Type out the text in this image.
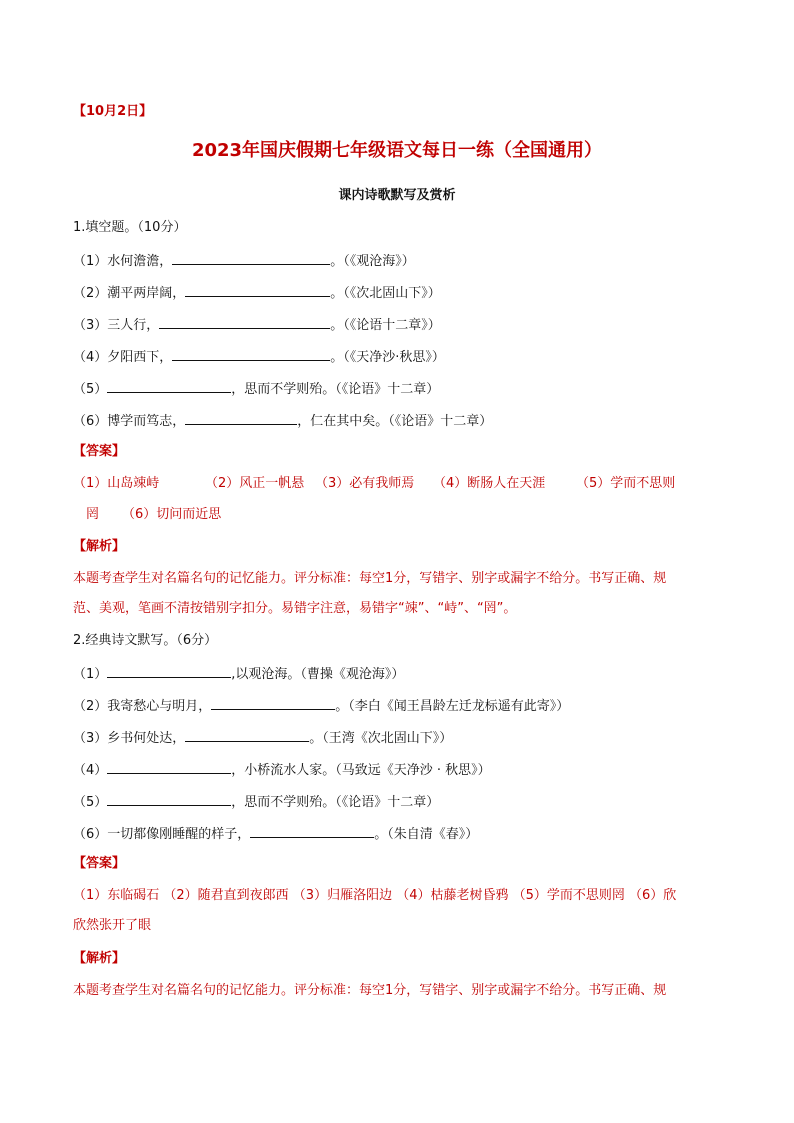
【10月2日】
2023年国庆假期七年级语文每日一练（全国通用）
课内诗歌默写及赏析
1.填空题。（10分）
（1）水何澹澹，	。（《观沧海》）
（2）潮平两岸阔，	。（《次北固山下》）
（3）三人行，	。（《论语十二章》）
（4）夕阳西下，	。（《天净沙·秋思》）
（5）	，思而不学则殆。（《论语》十二章）
（6）博学而笃志，	，仁在其中矣。（《论语》十二章）
【答案】
（1）山岛竦峙	（2）风正一帆悬 （3）必有我师焉 （4）断肠人在天涯 （5）学而不思则
罔 （6）切问而近思
【解析】
本题考查学生对名篇名句的记忆能力。评分标准：每空1分，写错字、别字或漏字不给分。书写正确、规
范、美观，笔画不清按错别字扣分。易错字注意，易错字“竦”、“峙”、“罔”。
2.经典诗文默写。（6分）
（1）	,以观沧海。（曹操《观沧海》）
（2）我寄愁心与明月，	。（李白《闻王昌龄左迁龙标遥有此寄》）
（3）乡书何处达，	。（王湾《次北固山下》）
（4）	，小桥流水人家。（马致远《天净沙 · 秋思》）
（5）	，思而不学则殆。（《论语》十二章）
（6）一切都像刚睡醒的样子，	。（朱自清《春》）
【答案】
（1）东临碣石 （2）随君直到夜郎西 （3）归雁洛阳边 （4）枯藤老树昏鸦 （5）学而不思则罔 （6）欣
欣然张开了眼
【解析】
本题考查学生对名篇名句的记忆能力。评分标准：每空1分，写错字、别字或漏字不给分。书写正确、规
